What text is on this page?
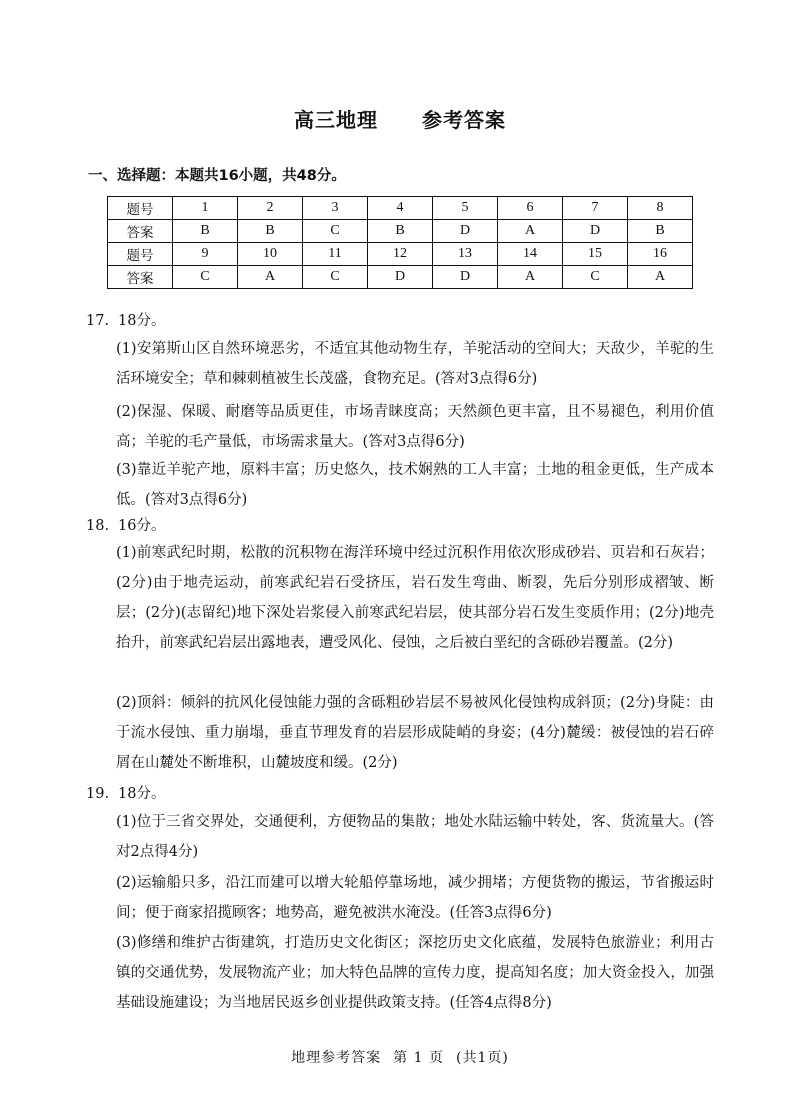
高三地理 参考答案
一、选择题：本题共16小题，共48分。
题号	1	2	3	4	5	6	7	8
答案	B	B	C	B	D	A	D	B
题号	9	10	11	12	13	14	15	16
答案	C	A	C	D	D	A	C	A
17. 18分。
(1)安第斯山区自然环境恶劣，不适宜其他动物生存，羊驼活动的空间大；天敌少，羊驼的生活环境安全；草和棘刺植被生长茂盛，食物充足。(答对3点得6分)
(2)保湿、保暖、耐磨等品质更佳，市场青睐度高；天然颜色更丰富，且不易褪色，利用价值高；羊驼的毛产量低，市场需求量大。(答对3点得6分)
(3)靠近羊驼产地，原料丰富；历史悠久，技术娴熟的工人丰富；土地的租金更低，生产成本低。(答对3点得6分)
18. 16分。
(1)前寒武纪时期，松散的沉积物在海洋环境中经过沉积作用依次形成砂岩、页岩和石灰岩；(2分)由于地壳运动，前寒武纪岩石受挤压，岩石发生弯曲、断裂，先后分别形成褶皱、断层；(2分)(志留纪)地下深处岩浆侵入前寒武纪岩层，使其部分岩石发生变质作用；(2分)地壳抬升，前寒武纪岩层出露地表，遭受风化、侵蚀，之后被白垩纪的含砾砂岩覆盖。(2分)
(2)顶斜：倾斜的抗风化侵蚀能力强的含砾粗砂岩层不易被风化侵蚀构成斜顶；(2分)身陡：由于流水侵蚀、重力崩塌，垂直节理发育的岩层形成陡峭的身姿；(4分)麓缓：被侵蚀的岩石碎屑在山麓处不断堆积，山麓坡度和缓。(2分)
19. 18分。
(1)位于三省交界处，交通便利，方便物品的集散；地处水陆运输中转处，客、货流量大。(答对2点得4分)
(2)运输船只多，沿江而建可以增大轮船停靠场地，减少拥堵；方便货物的搬运，节省搬运时间；便于商家招揽顾客；地势高，避免被洪水淹没。(任答3点得6分)
(3)修缮和维护古街建筑，打造历史文化街区；深挖历史文化底蕴，发展特色旅游业；利用古镇的交通优势，发展物流产业；加大特色品牌的宣传力度，提高知名度；加大资金投入，加强基础设施建设；为当地居民返乡创业提供政策支持。(任答4点得8分)
地理参考答案 第 1 页 (共1页)
